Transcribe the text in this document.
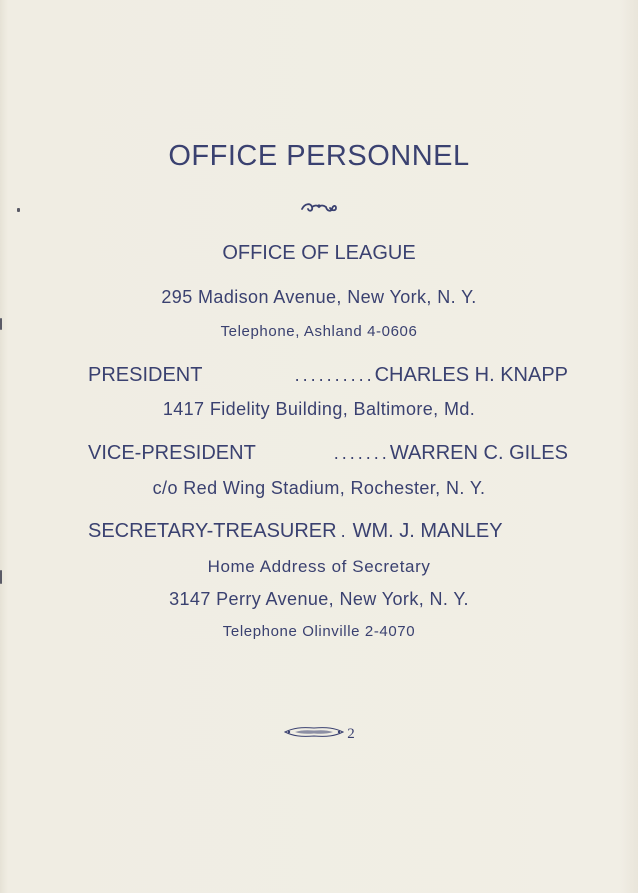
OFFICE PERSONNEL
OFFICE OF LEAGUE
295 Madison Avenue, New York, N. Y.
Telephone, Ashland 4-0606
PRESIDENT	.......... CHARLES H. KNAPP
1417 Fidelity Building, Baltimore, Md.
VICE-PRESIDENT	....... WARREN C. GILES
c/o Red Wing Stadium, Rochester, N. Y.
SECRETARY-TREASURER . WM. J. MANLEY
Home Address of Secretary
3147 Perry Avenue, New York, N. Y.
Telephone Olinville 2-4070
2
